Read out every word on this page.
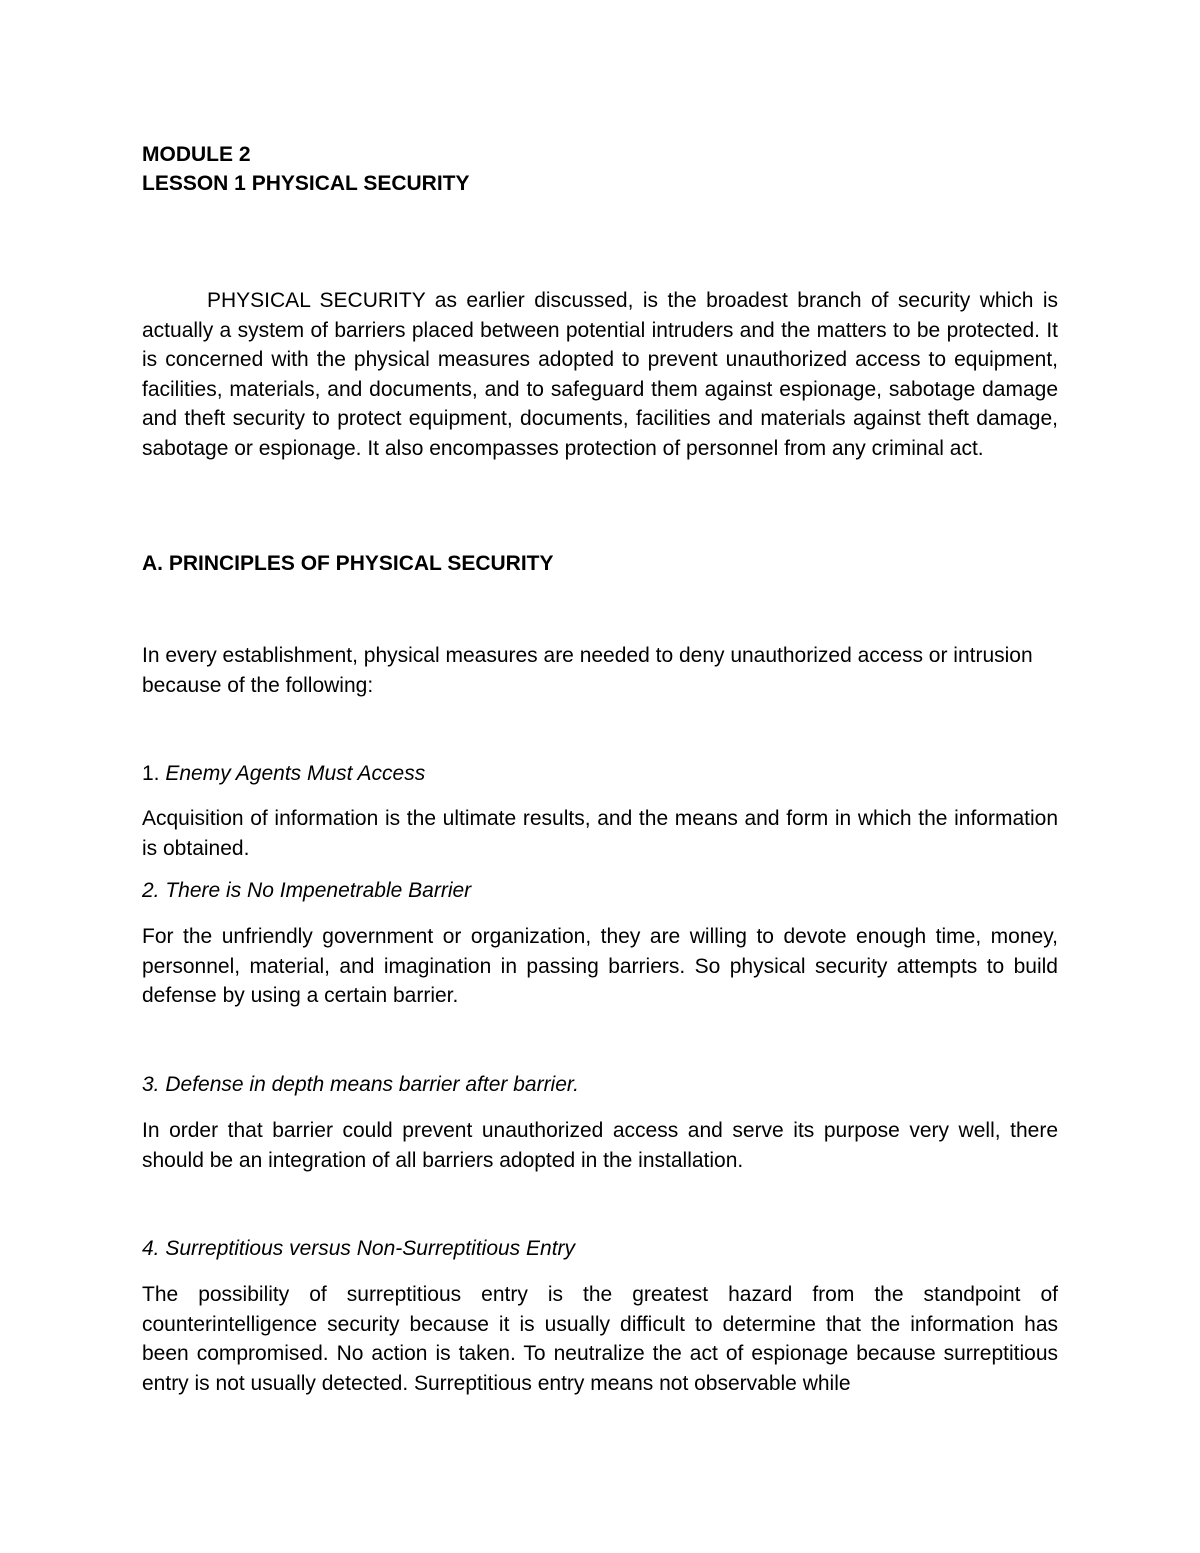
MODULE 2

LESSON 1 PHYSICAL SECURITY

PHYSICAL SECURITY as earlier discussed, is the broadest branch of security which is actually a system of barriers placed between potential intruders and the matters to be protected. It is concerned with the physical measures adopted to prevent unauthorized access to equipment, facilities, materials, and documents, and to safeguard them against espionage, sabotage damage and theft security to protect equipment, documents, facilities and materials against theft damage, sabotage or espionage. It also encompasses protection of personnel from any criminal act.

A. PRINCIPLES OF PHYSICAL SECURITY

In every establishment, physical measures are needed to deny unauthorized access or intrusion because of the following:

1. Enemy Agents Must Access

Acquisition of information is the ultimate results, and the means and form in which the information is obtained.

2. There is No Impenetrable Barrier

For the unfriendly government or organization, they are willing to devote enough time, money, personnel, material, and imagination in passing barriers. So physical security attempts to build defense by using a certain barrier.

3. Defense in depth means barrier after barrier.

In order that barrier could prevent unauthorized access and serve its purpose very well, there should be an integration of all barriers adopted in the installation.

4. Surreptitious versus Non-Surreptitious Entry

The possibility of surreptitious entry is the greatest hazard from the standpoint of counterintelligence security because it is usually difficult to determine that the information has been compromised. No action is taken. To neutralize the act of espionage because surreptitious entry is not usually detected. Surreptitious entry means not observable while
